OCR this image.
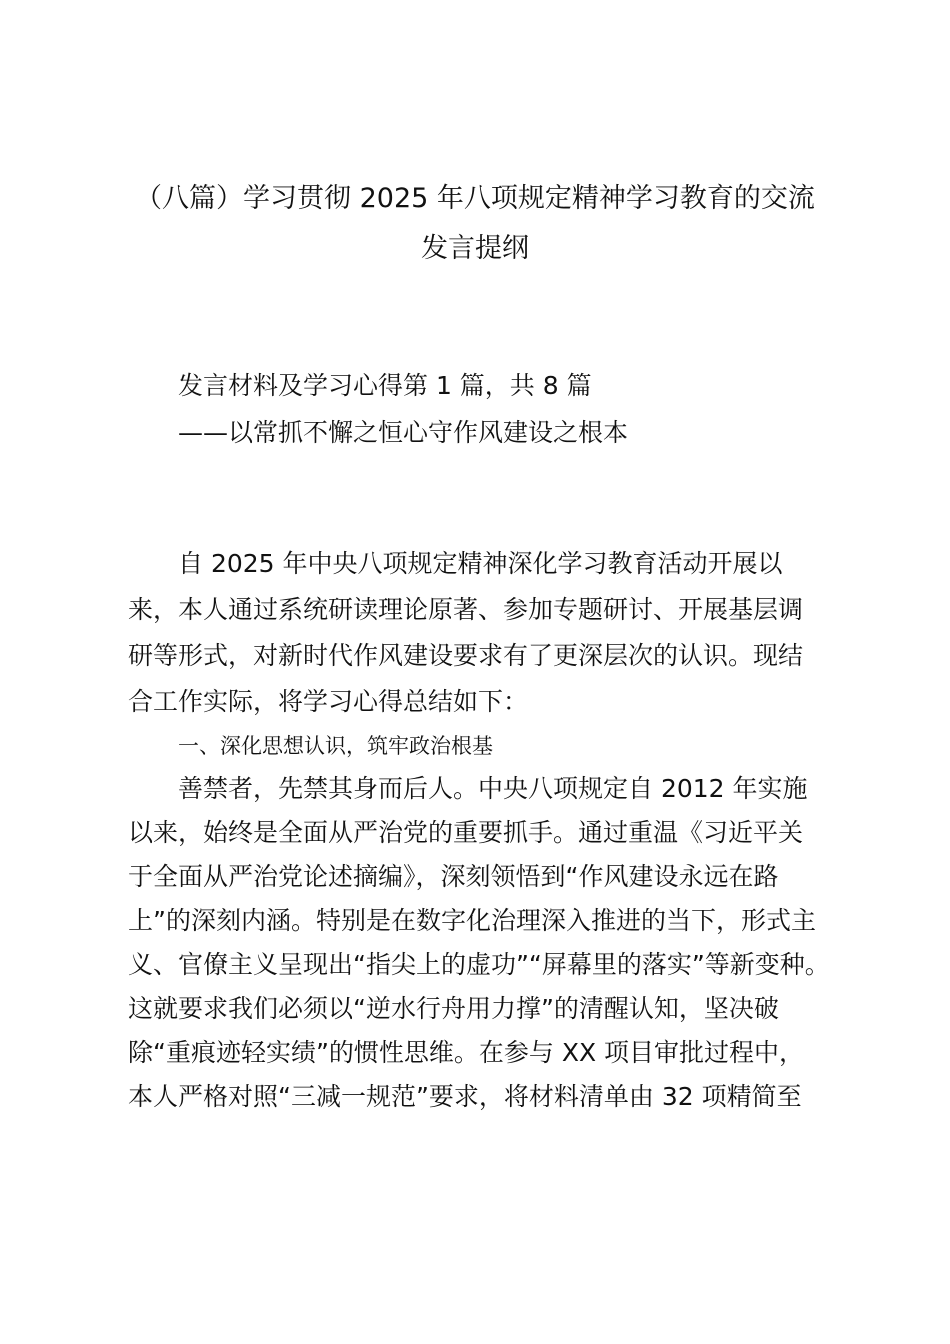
（八篇）学习贯彻 2025 年八项规定精神学习教育的交流
发言提纲
发言材料及学习心得第 1 篇，共 8 篇
——以常抓不懈之恒心守作风建设之根本
自 2025 年中央八项规定精神深化学习教育活动开展以
来，本人通过系统研读理论原著、参加专题研讨、开展基层调
研等形式，对新时代作风建设要求有了更深层次的认识。现结
合工作实际，将学习心得总结如下：
一、深化思想认识，筑牢政治根基
善禁者，先禁其身而后人。中央八项规定自 2012 年实施
以来，始终是全面从严治党的重要抓手。通过重温《习近平关
于全面从严治党论述摘编》，深刻领悟到“作风建设永远在路
上”的深刻内涵。特别是在数字化治理深入推进的当下，形式主
义、官僚主义呈现出“指尖上的虚功”“屏幕里的落实”等新变种。
这就要求我们必须以“逆水行舟用力撑”的清醒认知，坚决破
除“重痕迹轻实绩”的惯性思维。在参与 XX 项目审批过程中，
本人严格对照“三减一规范”要求，将材料清单由 32 项精简至
